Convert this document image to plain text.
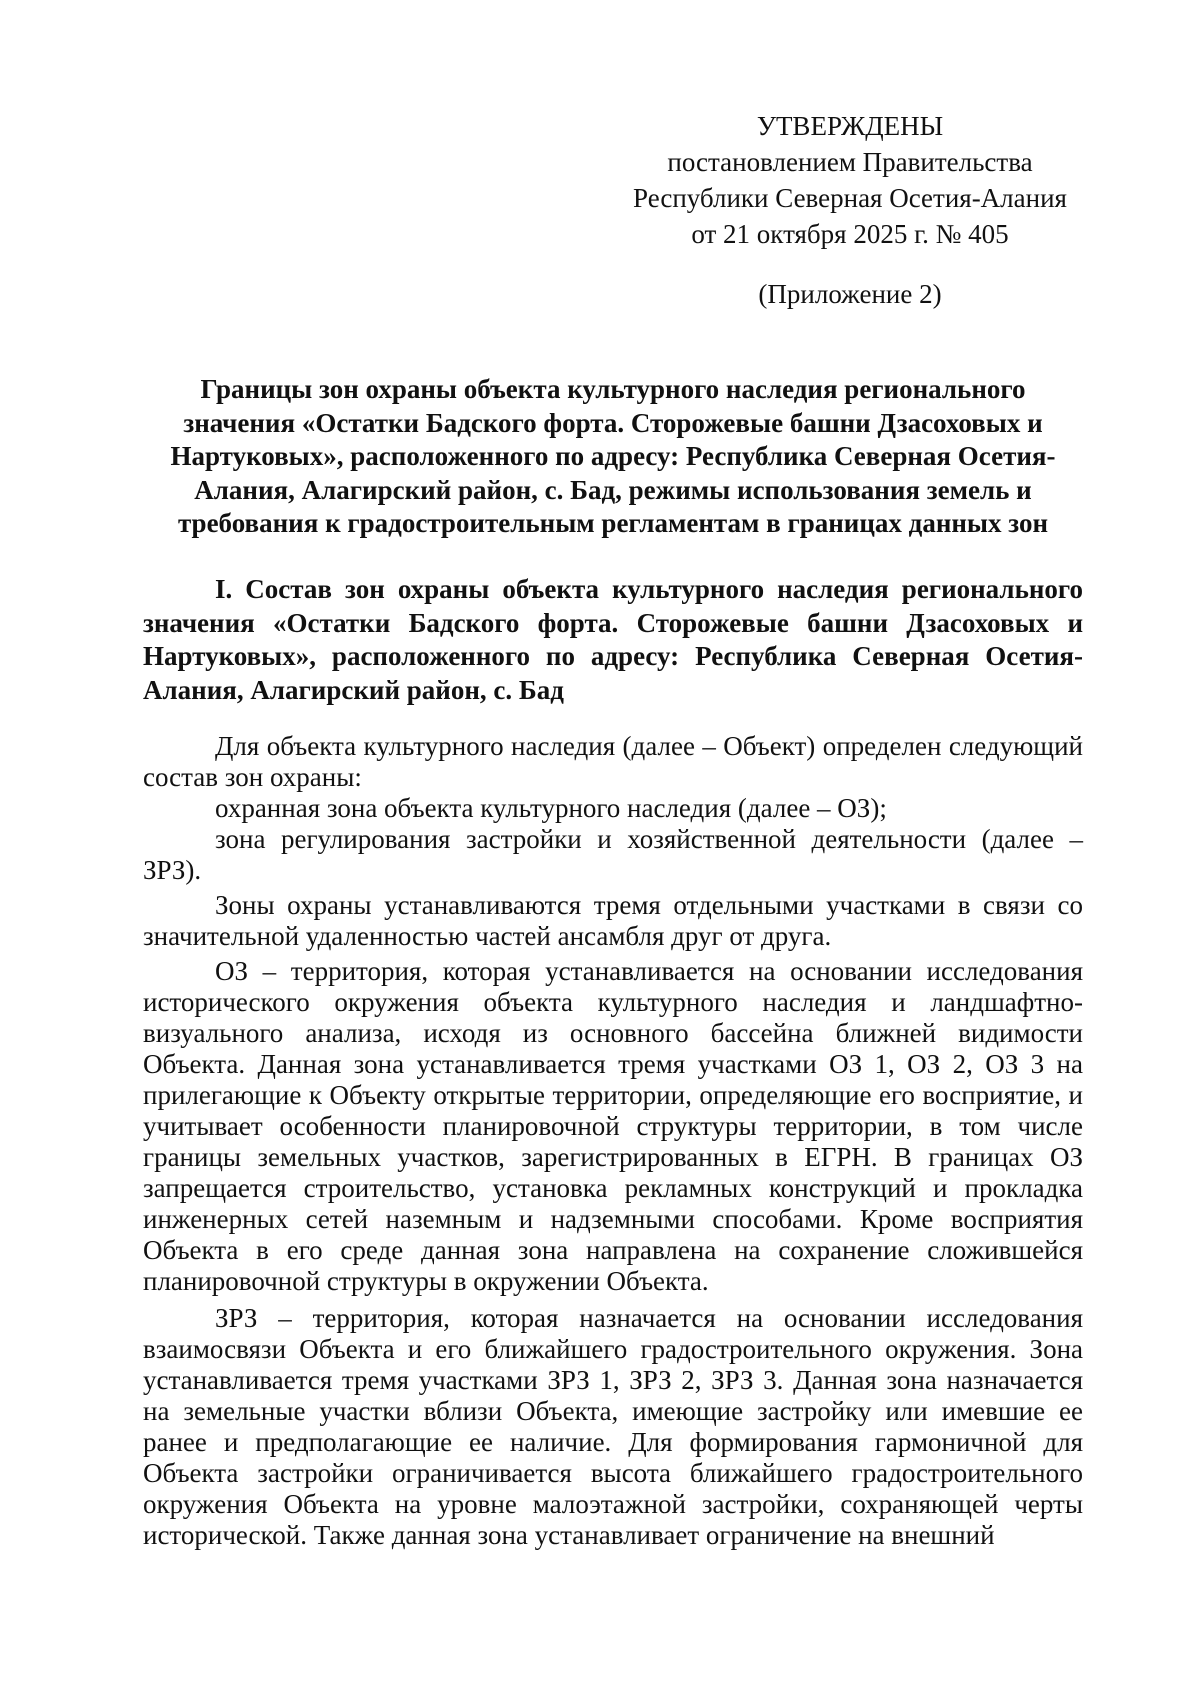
УТВЕРЖДЕНЫ
постановлением Правительства
Республики Северная Осетия-Алания
от 21 октября 2025 г. № 405
(Приложение 2)
Границы зон охраны объекта культурного наследия регионального
значения «Остатки Бадского форта. Сторожевые башни Дзасоховых и
Нартуковых», расположенного по адресу: Республика Северная Осетия-
Алания, Алагирский район, с. Бад, режимы использования земель и
требования к градостроительным регламентам в границах данных зон
I. Состав зон охраны объекта культурного наследия регионального значения «Остатки Бадского форта. Сторожевые башни Дзасоховых и Нартуковых», расположенного по адресу: Республика Северная Осетия-Алания, Алагирский район, с. Бад

Для объекта культурного наследия (далее – Объект) определен следующий состав зон охраны:

охранная зона объекта культурного наследия (далее – ОЗ);

зона регулирования застройки и хозяйственной деятельности (далее – ЗРЗ).

Зоны охраны устанавливаются тремя отдельными участками в связи со значительной удаленностью частей ансамбля друг от друга.

ОЗ – территория, которая устанавливается на основании исследования исторического окружения объекта культурного наследия и ландшафтно-визуального анализа, исходя из основного бассейна ближней видимости Объекта. Данная зона устанавливается тремя участками ОЗ 1, ОЗ 2, ОЗ 3 на прилегающие к Объекту открытые территории, определяющие его восприятие, и учитывает особенности планировочной структуры территории, в том числе границы земельных участков, зарегистрированных в ЕГРН. В границах ОЗ запрещается строительство, установка рекламных конструкций и прокладка инженерных сетей наземным и надземными способами. Кроме восприятия Объекта в его среде данная зона направлена на сохранение сложившейся планировочной структуры в окружении Объекта.

ЗРЗ – территория, которая назначается на основании исследования взаимосвязи Объекта и его ближайшего градостроительного окружения. Зона устанавливается тремя участками ЗРЗ 1, ЗРЗ 2, ЗРЗ 3. Данная зона назначается на земельные участки вблизи Объекта, имеющие застройку или имевшие ее ранее и предполагающие ее наличие. Для формирования гармоничной для Объекта застройки ограничивается высота ближайшего градостроительного окружения Объекта на уровне малоэтажной застройки, сохраняющей черты исторической. Также данная зона устанавливает ограничение на внешний
